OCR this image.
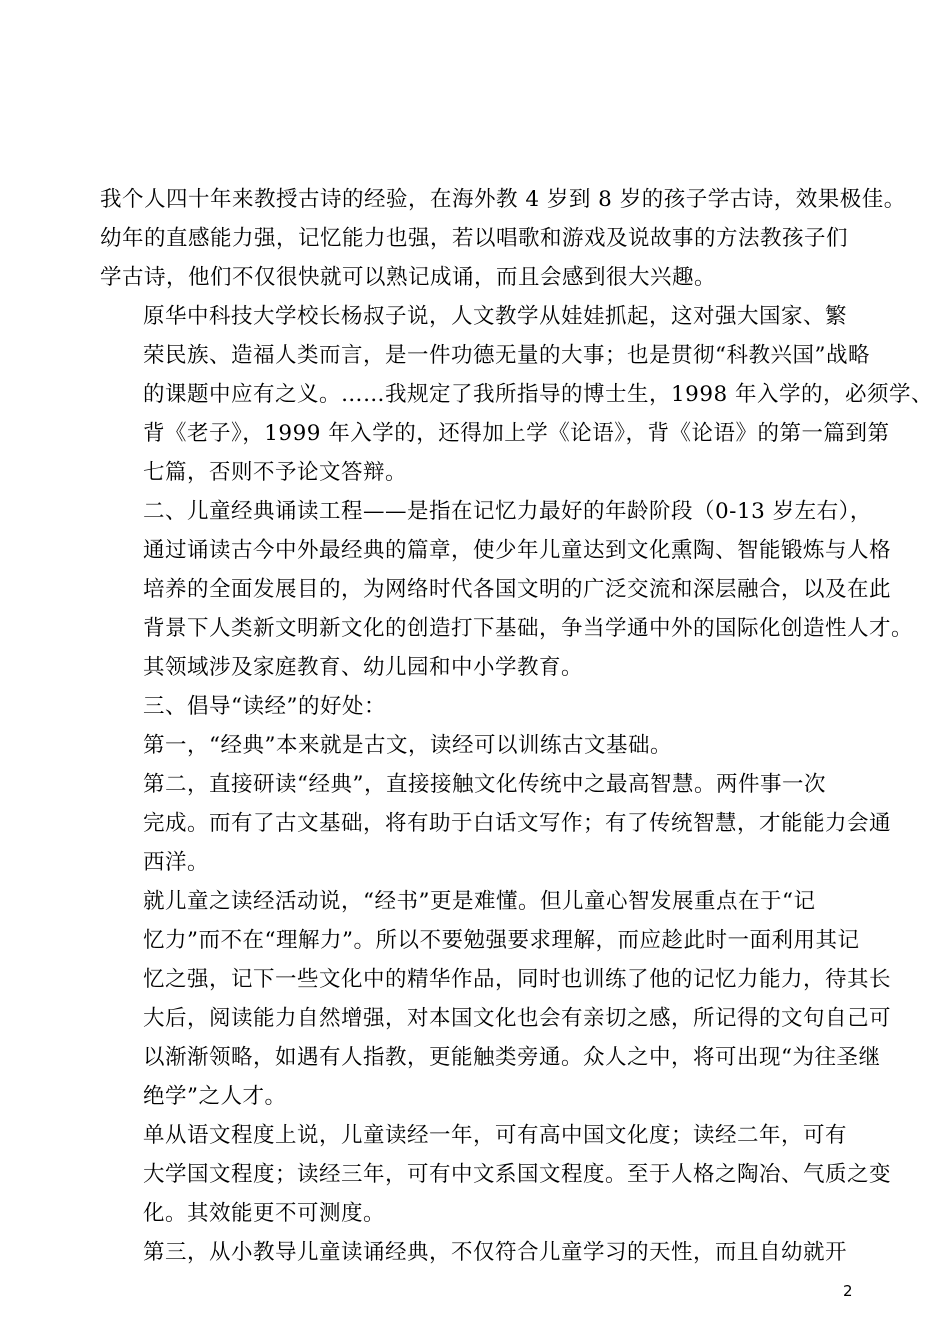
我个人四十年来教授古诗的经验，在海外教 4 岁到 8 岁的孩子学古诗，效果极佳。
幼年的直感能力强，记忆能力也强，若以唱歌和游戏及说故事的方法教孩子们
学古诗，他们不仅很快就可以熟记成诵，而且会感到很大兴趣。

原华中科技大学校长杨叔子说，人文教学从娃娃抓起，这对强大国家、繁
荣民族、造福人类而言，是一件功德无量的大事；也是贯彻“科教兴国”战略
的课题中应有之义。……我规定了我所指导的博士生，1998 年入学的，必须学、
背《老子》，1999 年入学的，还得加上学《论语》，背《论语》的第一篇到第
七篇，否则不予论文答辩。

二、儿童经典诵读工程——是指在记忆力最好的年龄阶段（0-13 岁左右），
通过诵读古今中外最经典的篇章，使少年儿童达到文化熏陶、智能锻炼与人格
培养的全面发展目的，为网络时代各国文明的广泛交流和深层融合，以及在此
背景下人类新文明新文化的创造打下基础，争当学通中外的国际化创造性人才。
其领域涉及家庭教育、幼儿园和中小学教育。

三、倡导“读经”的好处：

第一，“经典”本来就是古文，读经可以训练古文基础。

第二，直接研读“经典”，直接接触文化传统中之最高智慧。两件事一次
完成。而有了古文基础，将有助于白话文写作；有了传统智慧，才能能力会通
西洋。

就儿童之读经活动说，“经书”更是难懂。但儿童心智发展重点在于“记
忆力”而不在“理解力”。所以不要勉强要求理解，而应趁此时一面利用其记
忆之强，记下一些文化中的精华作品，同时也训练了他的记忆力能力，待其长
大后，阅读能力自然增强，对本国文化也会有亲切之感，所记得的文句自己可
以渐渐领略，如遇有人指教，更能触类旁通。众人之中，将可出现“为往圣继
绝学”之人才。

单从语文程度上说，儿童读经一年，可有高中国文化度；读经二年，可有
大学国文程度；读经三年，可有中文系国文程度。至于人格之陶冶、气质之变
化。其效能更不可测度。

第三，从小教导儿童读诵经典，不仅符合儿童学习的天性，而且自幼就开

2
